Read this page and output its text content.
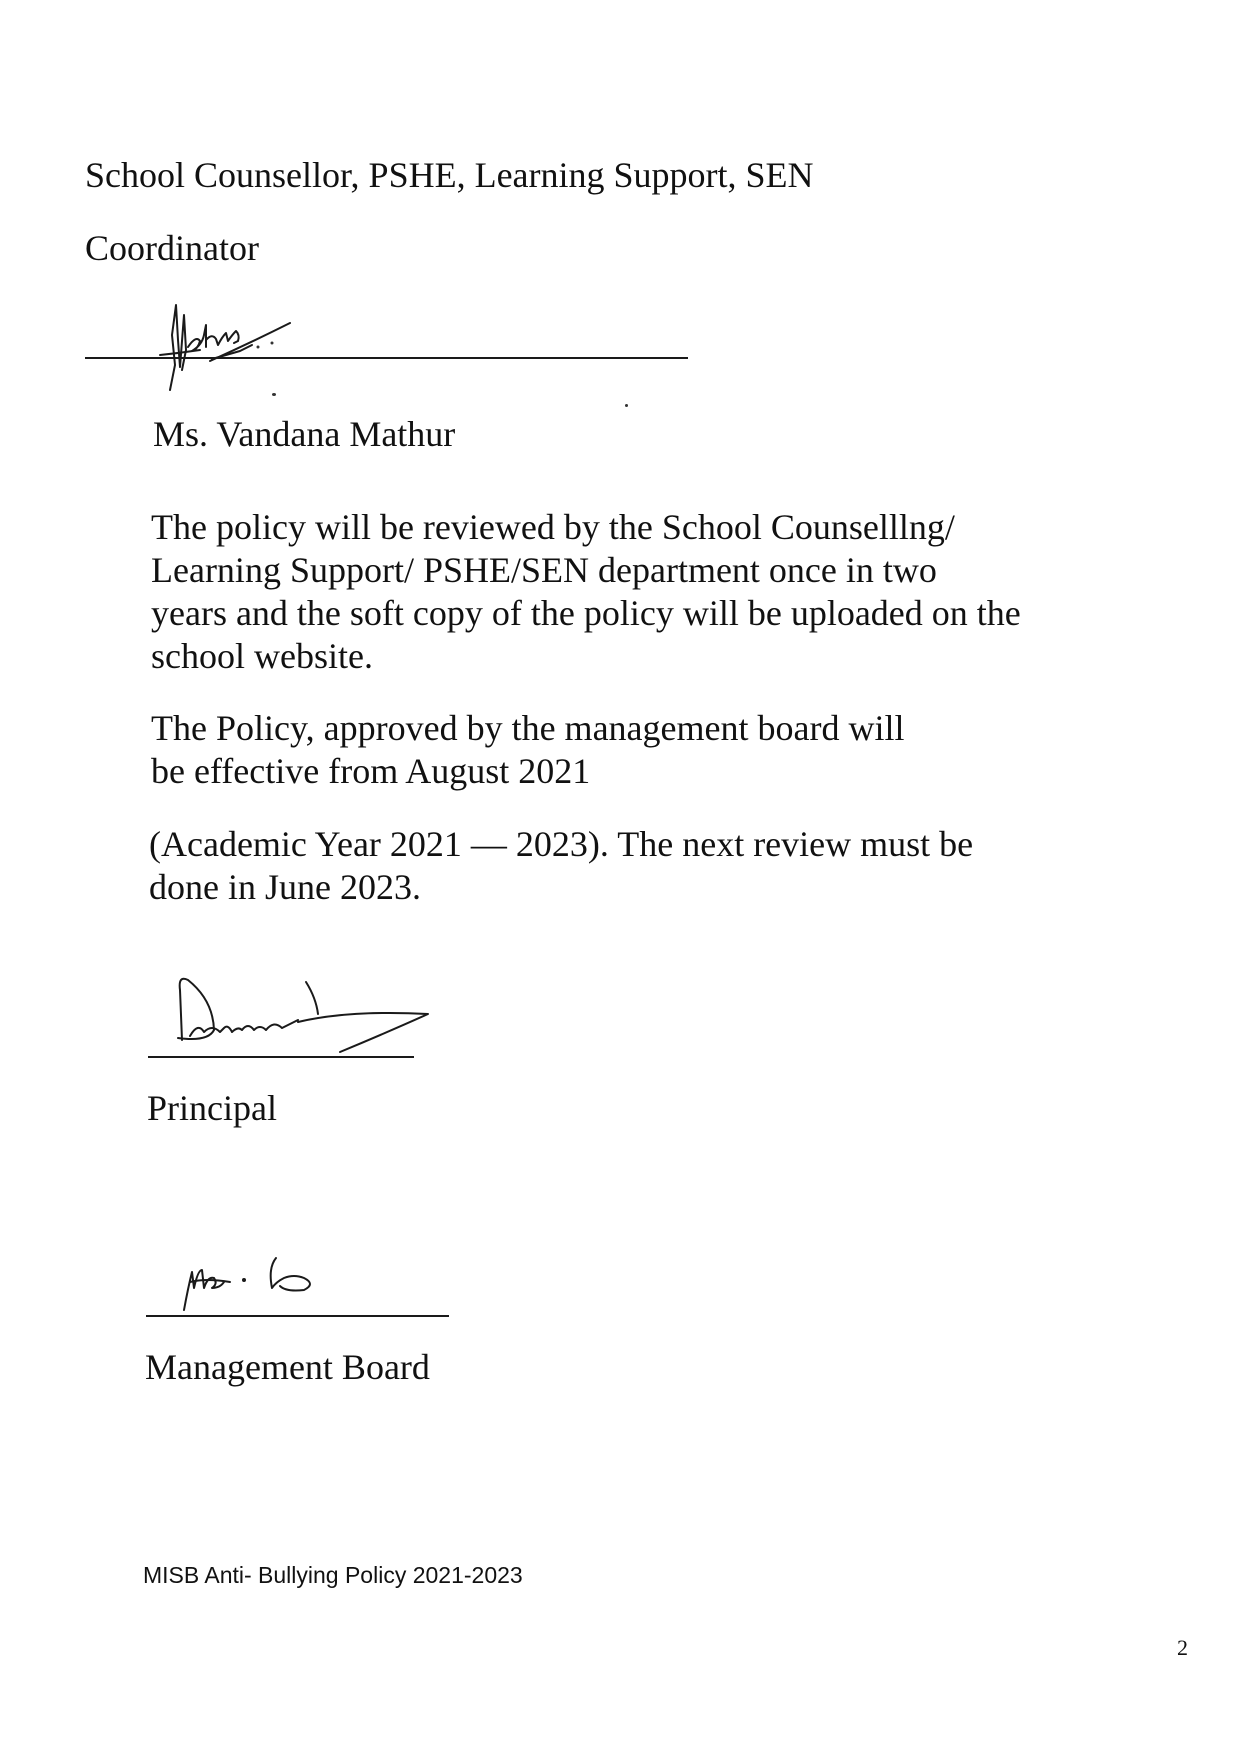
School Counsellor, PSHE, Learning Support, SEN

Coordinator

Ms. Vandana Mathur

The policy will be reviewed by the School Counselllng/
Learning Support/ PSHE/SEN department once in two
years and the soft copy of the policy will be uploaded on the
school website.
The Policy, approved by the management board will
be effective from August 2021
(Academic Year 2021 — 2023). The next review must be
done in June 2023.

Principal

Management Board

MISB Anti- Bullying Policy 2021-2023
2
